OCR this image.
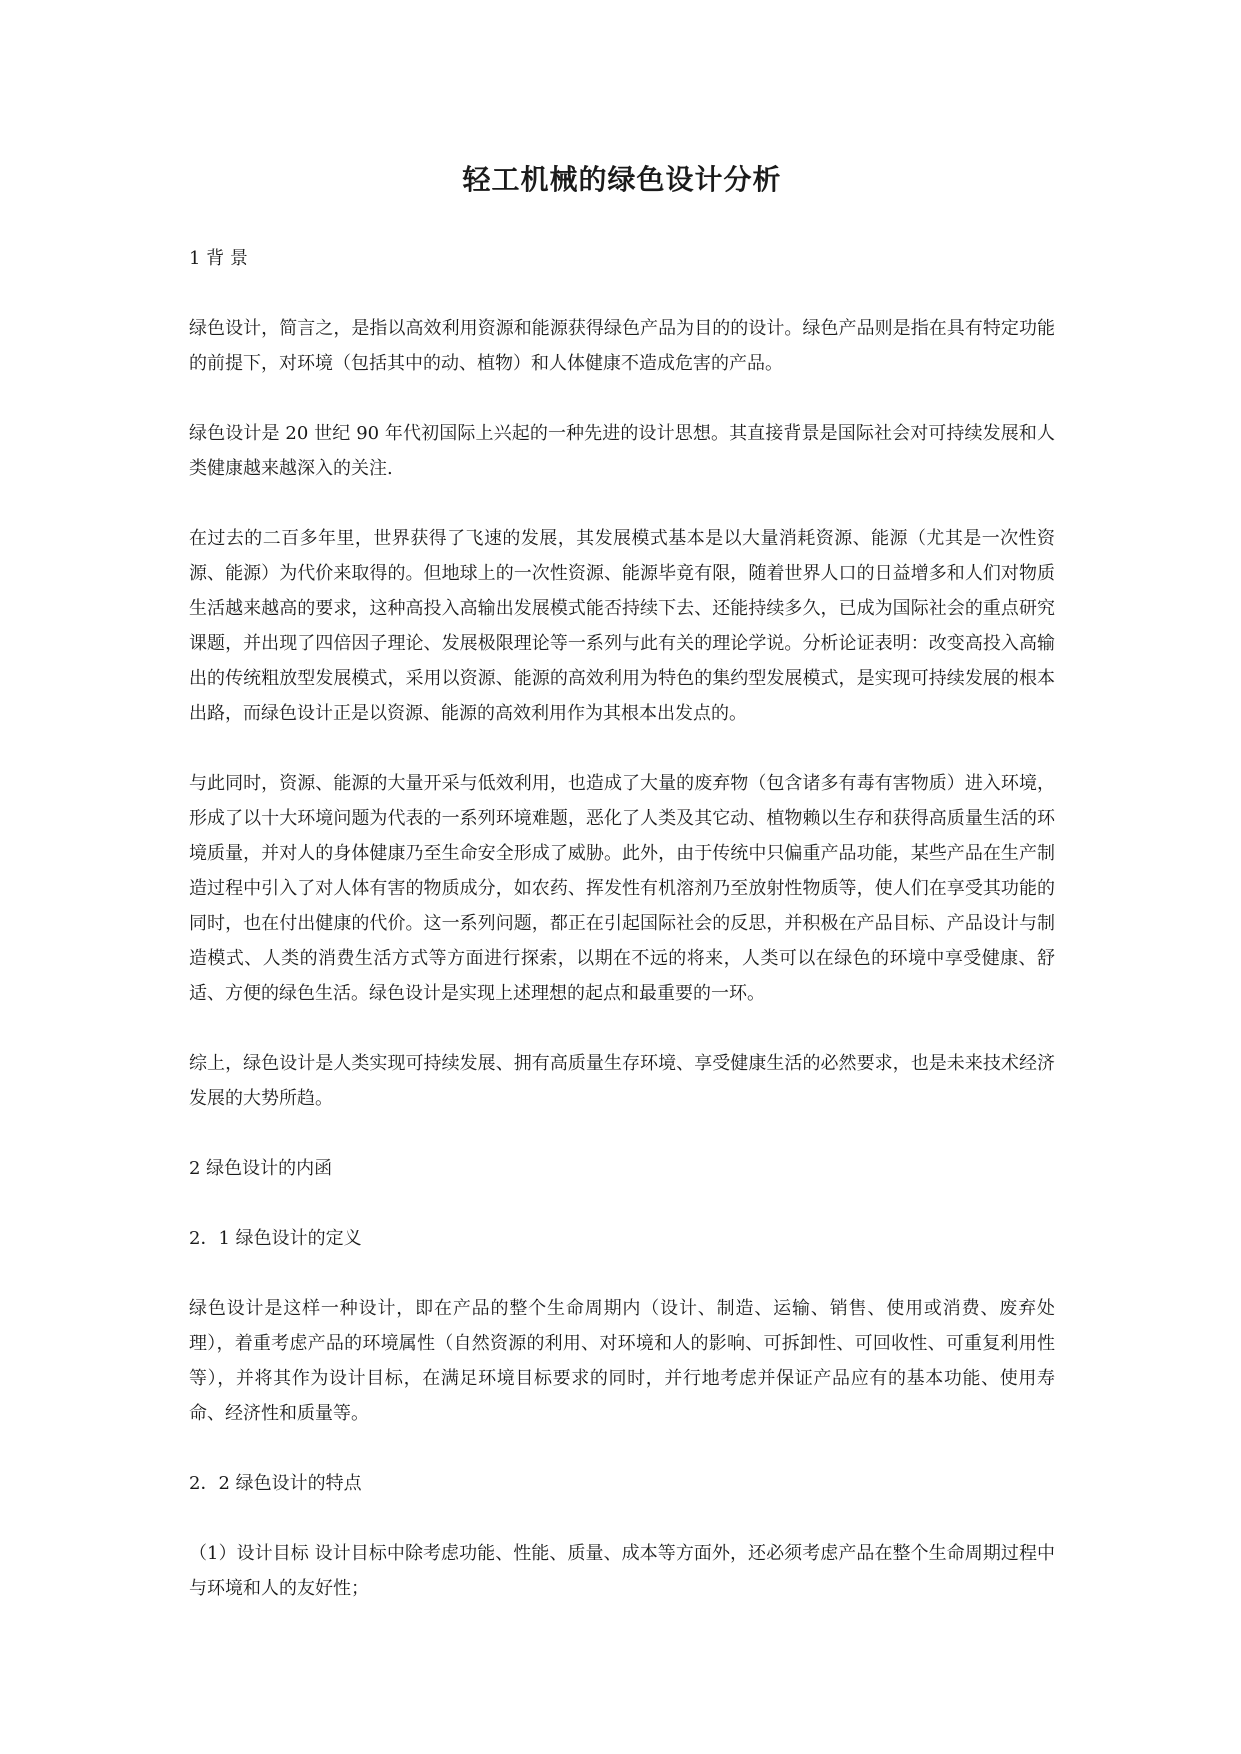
轻工机械的绿色设计分析
1 背 景
绿色设计，简言之，是指以高效利用资源和能源获得绿色产品为目的的设计。绿色产品则是指在具有特定功能的前提下，对环境（包括其中的动、植物）和人体健康不造成危害的产品。
绿色设计是 20 世纪 90 年代初国际上兴起的一种先进的设计思想。其直接背景是国际社会对可持续发展和人类健康越来越深入的关注.
在过去的二百多年里，世界获得了飞速的发展，其发展模式基本是以大量消耗资源、能源（尤其是一次性资源、能源）为代价来取得的。但地球上的一次性资源、能源毕竟有限，随着世界人口的日益增多和人们对物质生活越来越高的要求，这种高投入高输出发展模式能否持续下去、还能持续多久，已成为国际社会的重点研究课题，并出现了四倍因子理论、发展极限理论等一系列与此有关的理论学说。分析论证表明：改变高投入高输出的传统粗放型发展模式，采用以资源、能源的高效利用为特色的集约型发展模式，是实现可持续发展的根本出路，而绿色设计正是以资源、能源的高效利用作为其根本出发点的。
与此同时，资源、能源的大量开采与低效利用，也造成了大量的废弃物（包含诸多有毒有害物质）进入环境，形成了以十大环境问题为代表的一系列环境难题，恶化了人类及其它动、植物赖以生存和获得高质量生活的环境质量，并对人的身体健康乃至生命安全形成了威胁。此外，由于传统中只偏重产品功能，某些产品在生产制造过程中引入了对人体有害的物质成分，如农药、挥发性有机溶剂乃至放射性物质等，使人们在享受其功能的同时，也在付出健康的代价。这一系列问题，都正在引起国际社会的反思，并积极在产品目标、产品设计与制造模式、人类的消费生活方式等方面进行探索，以期在不远的将来，人类可以在绿色的环境中享受健康、舒适、方便的绿色生活。绿色设计是实现上述理想的起点和最重要的一环。
综上，绿色设计是人类实现可持续发展、拥有高质量生存环境、享受健康生活的必然要求，也是未来技术经济发展的大势所趋。
2 绿色设计的内函
2．1 绿色设计的定义
绿色设计是这样一种设计，即在产品的整个生命周期内（设计、制造、运输、销售、使用或消费、废弃处理），着重考虑产品的环境属性（自然资源的利用、对环境和人的影响、可拆卸性、可回收性、可重复利用性等），并将其作为设计目标，在满足环境目标要求的同时，并行地考虑并保证产品应有的基本功能、使用寿命、经济性和质量等。
2．2 绿色设计的特点
（1）设计目标 设计目标中除考虑功能、性能、质量、成本等方面外，还必须考虑产品在整个生命周期过程中与环境和人的友好性；
